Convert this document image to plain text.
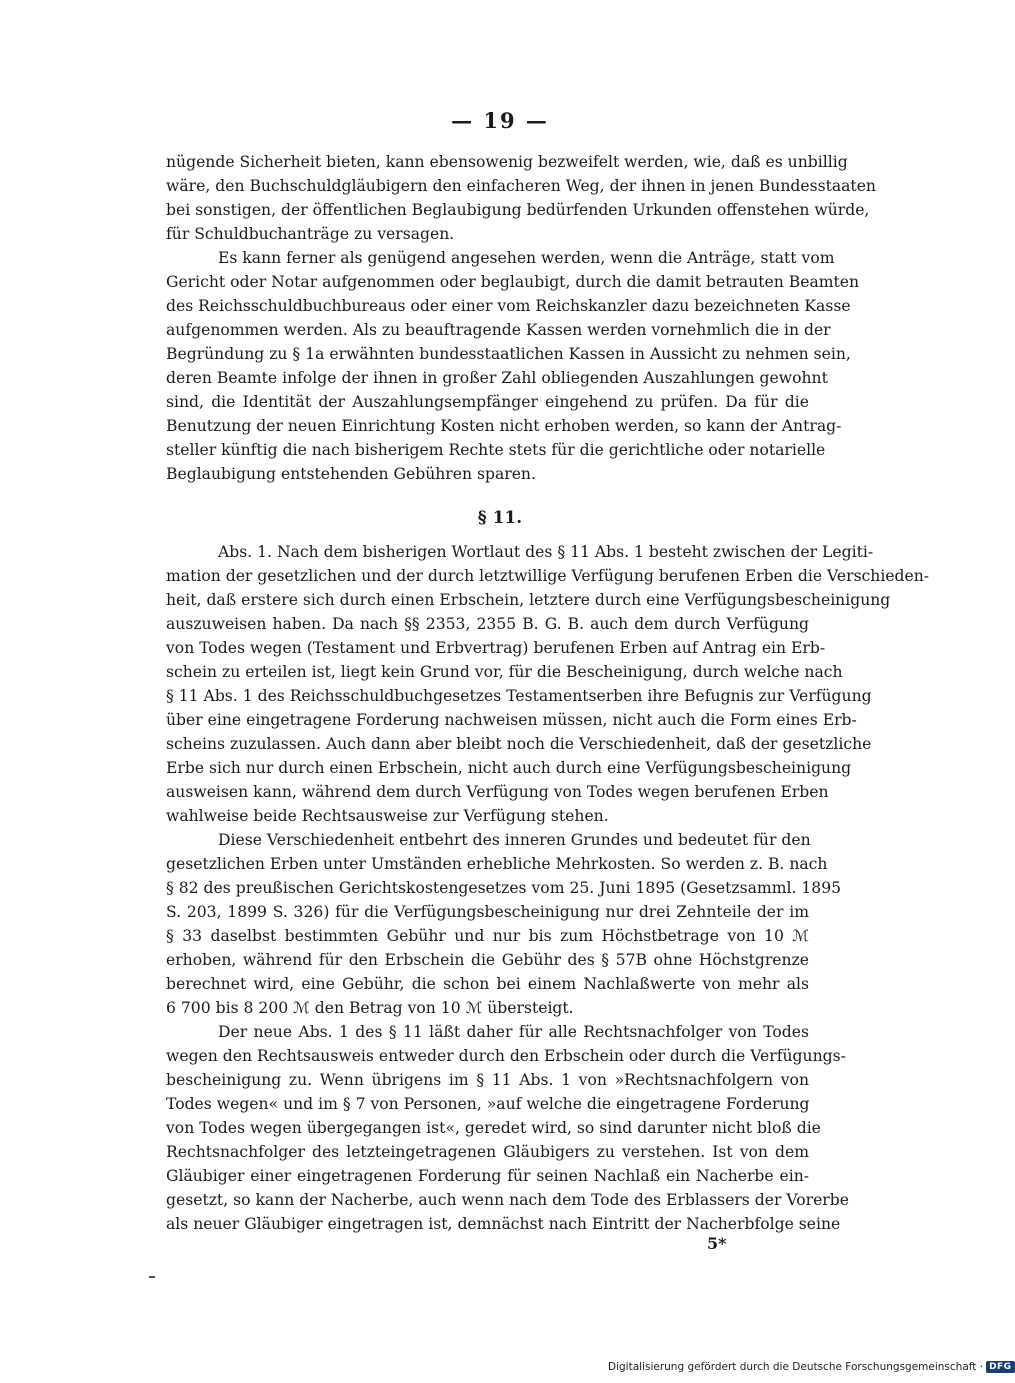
— 19 —
nügende Sicherheit bieten, kann ebensowenig bezweifelt werden, wie, daß es unbillig
wäre, den Buchschuldgläubigern den einfacheren Weg, der ihnen in jenen Bundesstaaten
bei sonstigen, der öffentlichen Beglaubigung bedürfenden Urkunden offenstehen würde,
für Schuldbuchanträge zu versagen.
Es kann ferner als genügend angesehen werden, wenn die Anträge, statt vom
Gericht oder Notar aufgenommen oder beglaubigt, durch die damit betrauten Beamten
des Reichsschuldbuchbureaus oder einer vom Reichskanzler dazu bezeichneten Kasse
aufgenommen werden. Als zu beauftragende Kassen werden vornehmlich die in der
Begründung zu § 1a erwähnten bundesstaatlichen Kassen in Aussicht zu nehmen sein,
deren Beamte infolge der ihnen in großer Zahl obliegenden Auszahlungen gewohnt
sind, die Identität der Auszahlungsempfänger eingehend zu prüfen. Da für die
Benutzung der neuen Einrichtung Kosten nicht erhoben werden, so kann der Antrag-
steller künftig die nach bisherigem Rechte stets für die gerichtliche oder notarielle
Beglaubigung entstehenden Gebühren sparen.
§ 11.
Abs. 1. Nach dem bisherigen Wortlaut des § 11 Abs. 1 besteht zwischen der Legiti-
mation der gesetzlichen und der durch letztwillige Verfügung berufenen Erben die Verschieden-
heit, daß erstere sich durch einen Erbschein, letztere durch eine Verfügungsbescheinigung
auszuweisen haben. Da nach §§ 2353, 2355 B. G. B. auch dem durch Verfügung
von Todes wegen (Testament und Erbvertrag) berufenen Erben auf Antrag ein Erb-
schein zu erteilen ist, liegt kein Grund vor, für die Bescheinigung, durch welche nach
§ 11 Abs. 1 des Reichsschuldbuchgesetzes Testamentserben ihre Befugnis zur Verfügung
über eine eingetragene Forderung nachweisen müssen, nicht auch die Form eines Erb-
scheins zuzulassen. Auch dann aber bleibt noch die Verschiedenheit, daß der gesetzliche
Erbe sich nur durch einen Erbschein, nicht auch durch eine Verfügungsbescheinigung
ausweisen kann, während dem durch Verfügung von Todes wegen berufenen Erben
wahlweise beide Rechtsausweise zur Verfügung stehen.
Diese Verschiedenheit entbehrt des inneren Grundes und bedeutet für den
gesetzlichen Erben unter Umständen erhebliche Mehrkosten. So werden z. B. nach
§ 82 des preußischen Gerichtskostengesetzes vom 25. Juni 1895 (Gesetzsamml. 1895
S. 203, 1899 S. 326) für die Verfügungsbescheinigung nur drei Zehnteile der im
§ 33 daselbst bestimmten Gebühr und nur bis zum Höchstbetrage von 10 ℳ
erhoben, während für den Erbschein die Gebühr des § 57B ohne Höchstgrenze
berechnet wird, eine Gebühr, die schon bei einem Nachlaßwerte von mehr als
6 700 bis 8 200 ℳ den Betrag von 10 ℳ übersteigt.
Der neue Abs. 1 des § 11 läßt daher für alle Rechtsnachfolger von Todes
wegen den Rechtsausweis entweder durch den Erbschein oder durch die Verfügungs-
bescheinigung zu. Wenn übrigens im § 11 Abs. 1 von »Rechtsnachfolgern von
Todes wegen« und im § 7 von Personen, »auf welche die eingetragene Forderung
von Todes wegen übergegangen ist«, geredet wird, so sind darunter nicht bloß die
Rechtsnachfolger des letzteingetragenen Gläubigers zu verstehen. Ist von dem
Gläubiger einer eingetragenen Forderung für seinen Nachlaß ein Nacherbe ein-
gesetzt, so kann der Nacherbe, auch wenn nach dem Tode des Erblassers der Vorerbe
als neuer Gläubiger eingetragen ist, demnächst nach Eintritt der Nacherbfolge seine
5*
Digitalisierung gefördert durch die Deutsche Forschungsgemeinschaft · DFG
